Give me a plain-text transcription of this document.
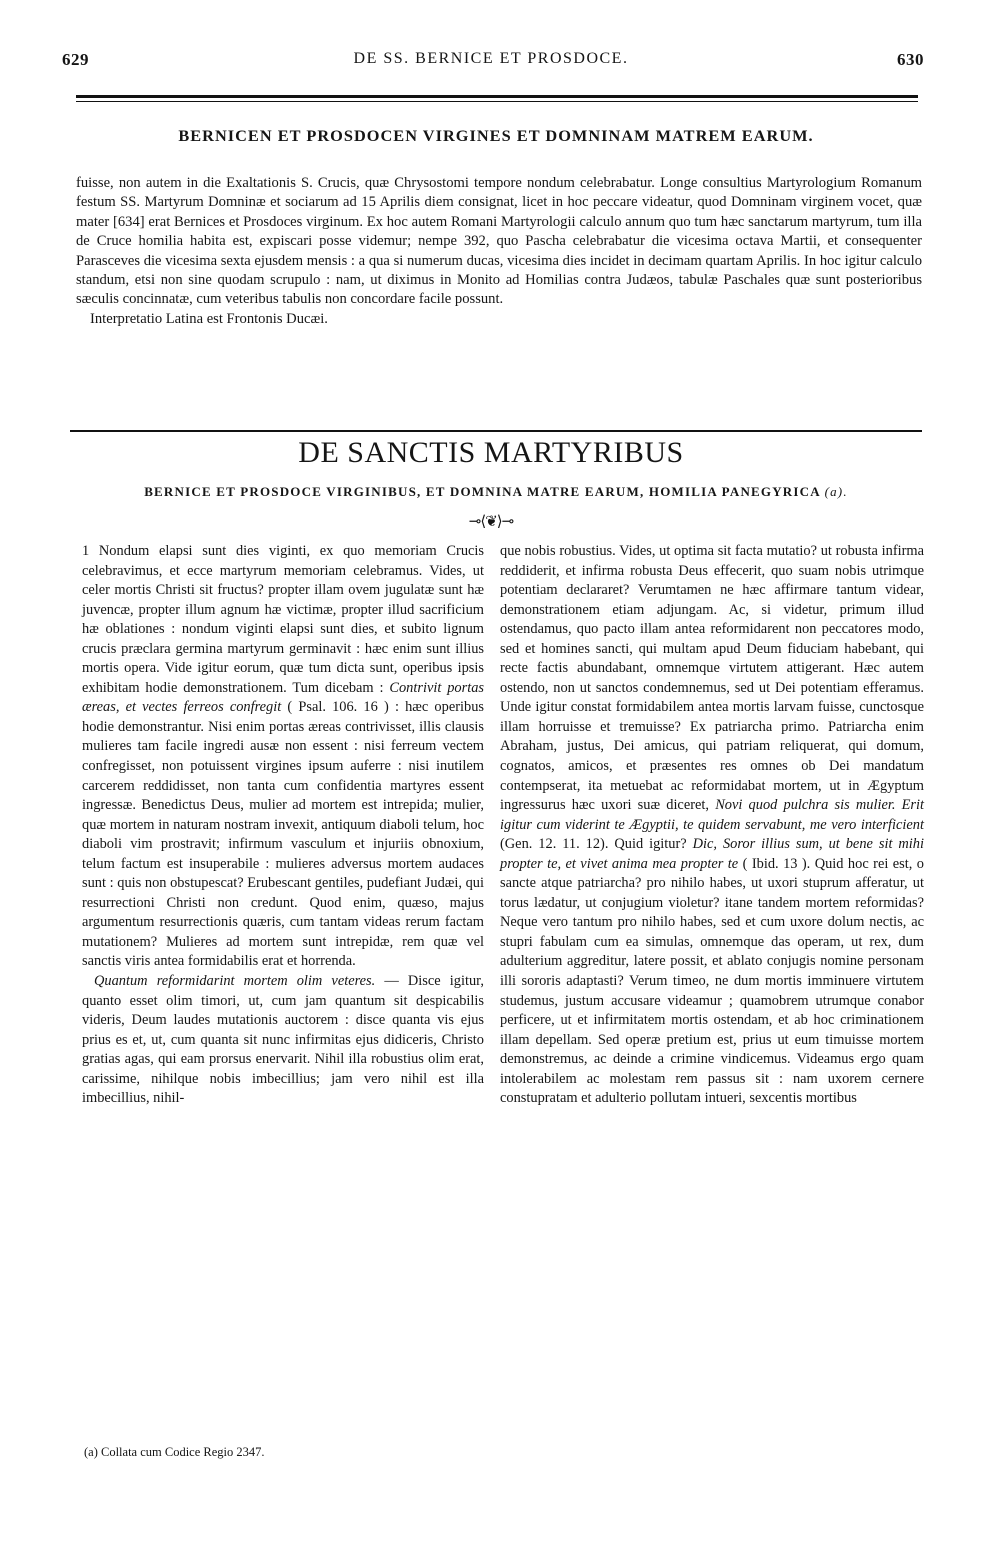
629	DE SS. BERNICE ET PROSDOCE.	630
BERNICEN ET PROSDOCEN VIRGINES ET DOMNINAM MATREM EARUM.

fuisse, non autem in die Exaltationis S. Crucis, quæ Chrysostomi tempore nondum celebrabatur. Longe consultius Martyrologium Romanum festum SS. Martyrum Domninæ et sociarum ad 15 Aprilis diem consignat, licet in hoc peccare videatur, quod Domninam virginem vocet, quæ mater [634] erat Bernices et Prosdoces virginum. Ex hoc autem Romani Martyrologii calculo annum quo tum hæc sanctarum martyrum, tum illa de Cruce homilia habita est, expiscari posse videmur; nempe 392, quo Pascha celebrabatur die vicesima octava Martii, et consequenter Parasceves die vicesima sexta ejusdem mensis : a qua si numerum ducas, vicesima dies incidet in decimam quartam Aprilis. In hoc igitur calculo standum, etsi non sine quodam scrupulo : nam, ut diximus in Monito ad Homilias contra Judæos, tabulæ Paschales quæ sunt posterioribus sæculis concinnatæ, cum veteribus tabulis non concordare facile possunt.

Interpretatio Latina est Frontonis Ducæi.

DE SANCTIS MARTYRIBUS
BERNICE ET PROSDOCE VIRGINIBUS, ET DOMNINA MATRE EARUM, HOMILIA PANEGYRICA (a).
⊸⟨❦⟩⊸

1 Nondum elapsi sunt dies viginti, ex quo memoriam Crucis celebravimus, et ecce martyrum memoriam celebramus. Vides, ut celer mortis Christi sit fructus? propter illam ovem jugulatæ sunt hæ juvencæ, propter illum agnum hæ victimæ, propter illud sacrificium hæ oblationes : nondum viginti elapsi sunt dies, et subito lignum crucis præclara germina martyrum germinavit : hæc enim sunt illius mortis opera. Vide igitur eorum, quæ tum dicta sunt, operibus ipsis exhibitam hodie demonstrationem. Tum dicebam : Contrivit portas æreas, et vectes ferreos confregit ( Psal. 106. 16 ) : hæc operibus hodie demonstrantur. Nisi enim portas æreas contrivisset, illis clausis mulieres tam facile ingredi ausæ non essent : nisi ferreum vectem confregisset, non potuissent virgines ipsum auferre : nisi inutilem carcerem reddidisset, non tanta cum confidentia martyres essent ingressæ. Benedictus Deus, mulier ad mortem est intrepida; mulier, quæ mortem in naturam nostram invexit, antiquum diaboli telum, hoc diaboli vim prostravit; infirmum vasculum et injuriis obnoxium, telum factum est insuperabile : mulieres adversus mortem audaces sunt : quis non obstupescat? Erubescant gentiles, pudefiant Judæi, qui resurrectioni Christi non credunt. Quod enim, quæso, majus argumentum resurrectionis quæris, cum tantam videas rerum factam mutationem? Mulieres ad mortem sunt intrepidæ, rem quæ vel sanctis viris antea formidabilis erat et horrenda.

Quantum reformidarint mortem olim veteres. — Disce igitur, quanto esset olim timori, ut, cum jam quantum sit despicabilis videris, Deum laudes mutationis auctorem : disce quanta vis ejus prius es et, ut, cum quanta sit nunc infirmitas ejus didiceris, Christo gratias agas, qui eam prorsus enervarit. Nihil illa robustius olim erat, carissime, nihilque nobis imbecillius; jam vero nihil est illa imbecillius, nihil-

que nobis robustius. Vides, ut optima sit facta mutatio? ut robusta infirma reddiderit, et infirma robusta Deus effecerit, quo suam nobis utrimque potentiam declararet? Verumtamen ne hæc affirmare tantum videar, demonstrationem etiam adjungam. Ac, si videtur, primum illud ostendamus, quo pacto illam antea reformidarent non peccatores modo, sed et homines sancti, qui multam apud Deum fiduciam habebant, qui recte factis abundabant, omnemque virtutem attigerant. Hæc autem ostendo, non ut sanctos condemnemus, sed ut Dei potentiam efferamus. Unde igitur constat formidabilem antea mortis larvam fuisse, cunctosque illam horruisse et tremuisse? Ex patriarcha primo. Patriarcha enim Abraham, justus, Dei amicus, qui patriam reliquerat, qui domum, cognatos, amicos, et præsentes res omnes ob Dei mandatum contempserat, ita metuebat ac reformidabat mortem, ut in Ægyptum ingressurus hæc uxori suæ diceret, Novi quod pulchra sis mulier. Erit igitur cum viderint te Ægyptii, te quidem servabunt, me vero interficient (Gen. 12. 11. 12). Quid igitur? Dic, Soror illius sum, ut bene sit mihi propter te, et vivet anima mea propter te ( Ibid. 13 ). Quid hoc rei est, o sancte atque patriarcha? pro nihilo habes, ut uxori stuprum afferatur, ut torus lædatur, ut conjugium violetur? itane tandem mortem reformidas? Neque vero tantum pro nihilo habes, sed et cum uxore dolum nectis, ac stupri fabulam cum ea simulas, omnemque das operam, ut rex, dum adulterium aggreditur, latere possit, et ablato conjugis nomine personam illi sororis adaptasti? Verum timeo, ne dum mortis imminuere virtutem studemus, justum accusare videamur ; quamobrem utrumque conabor perficere, ut et infirmitatem mortis ostendam, et ab hoc criminationem illam depellam. Sed operæ pretium est, prius ut eum timuisse mortem demonstremus, ac deinde a crimine vindicemus. Videamus ergo quam intolerabilem ac molestam rem passus sit : nam uxorem cernere constupratam et adulterio pollutam intueri, sexcentis mortibus

(a) Collata cum Codice Regio 2347.
